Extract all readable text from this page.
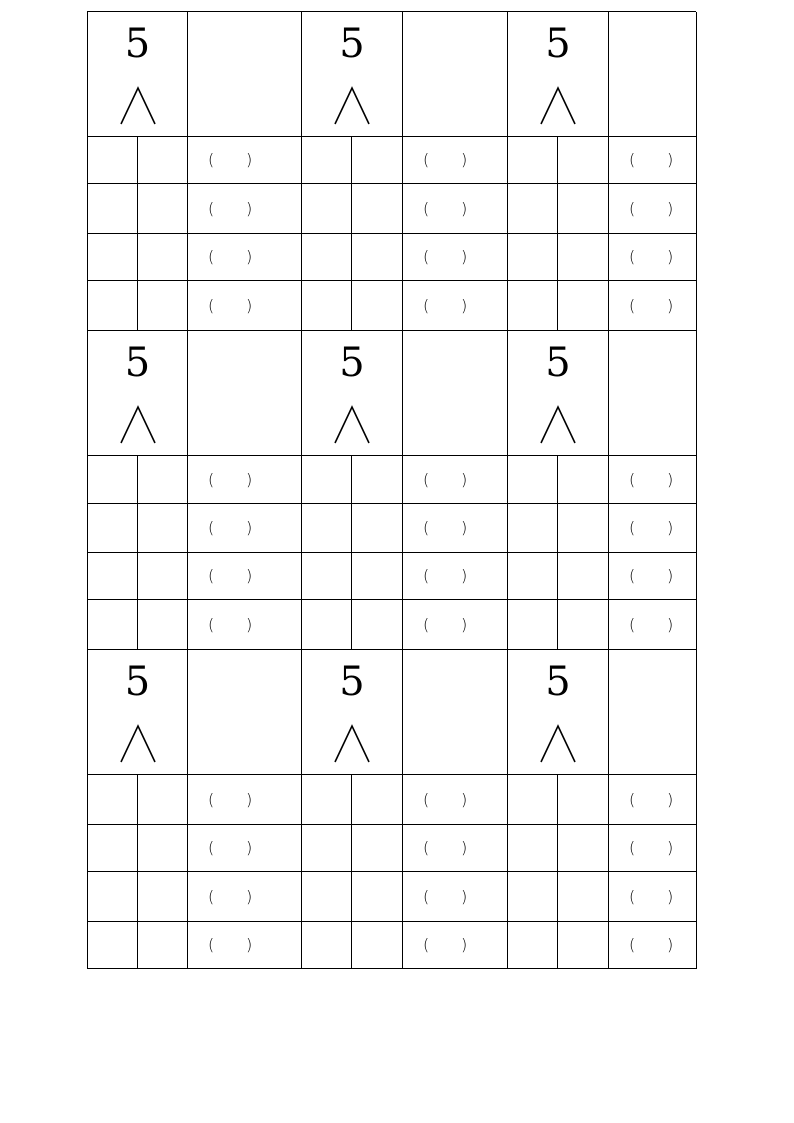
5
( )
( )
( )
( )
5
( )
( )
( )
( )
5
( )
( )
( )
( )
5
( )
( )
( )
( )
5
( )
( )
( )
( )
5
( )
( )
( )
( )
5
( )
( )
( )
( )
5
( )
( )
( )
( )
5
( )
( )
( )
( )
